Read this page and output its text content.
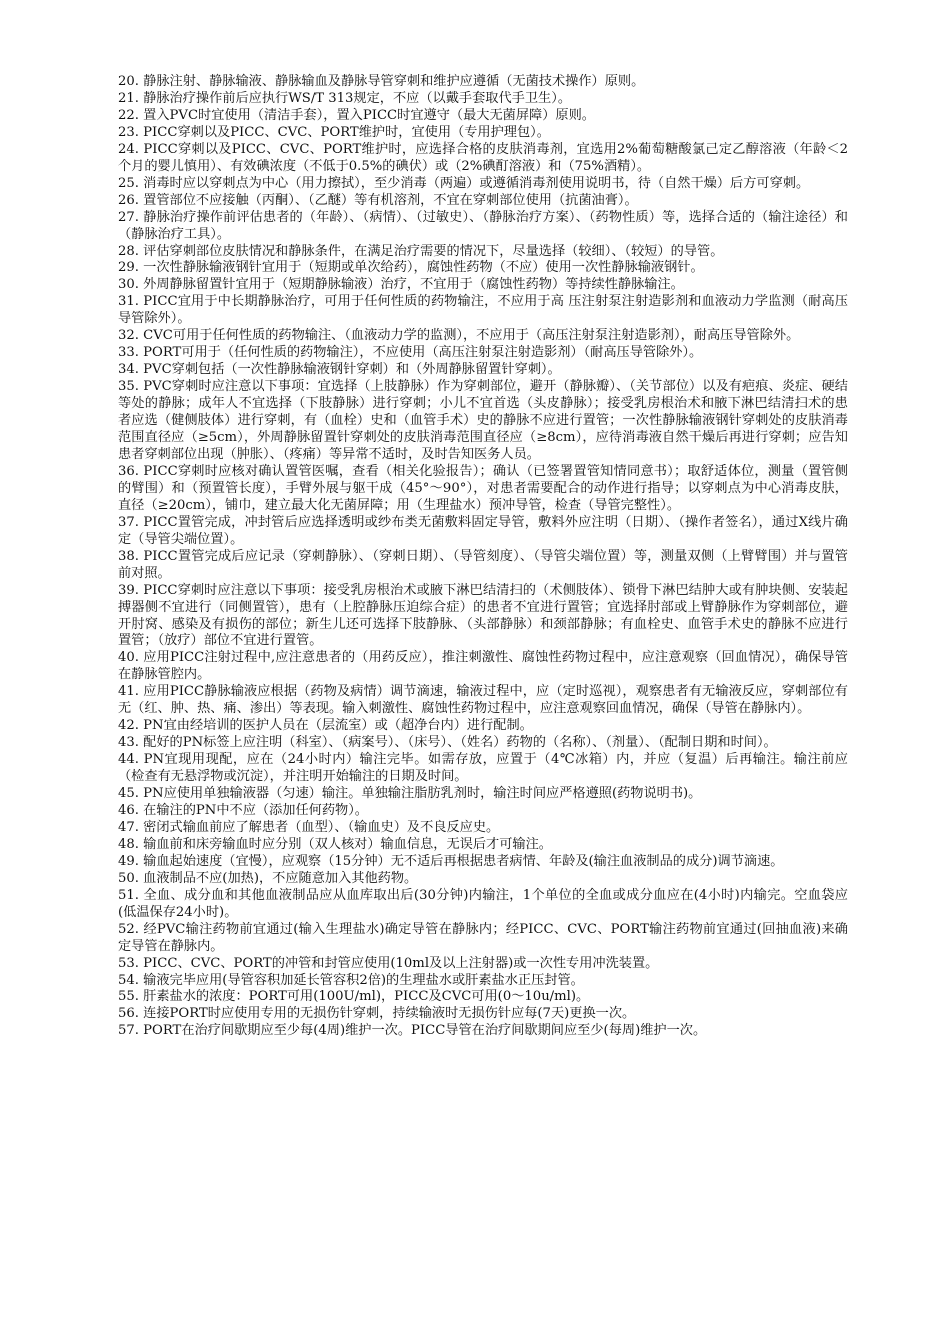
20. 静脉注射、静脉输液、静脉输血及静脉导管穿刺和维护应遵循（无菌技术操作）原则。

21. 静脉治疗操作前后应执行WS/T 313规定，不应（以戴手套取代手卫生）。

22. 置入PVC时宜使用（清洁手套），置入PICC时宜遵守（最大无菌屏障）原则。

23. PICC穿刺以及PICC、CVC、PORT维护时，宜使用（专用护理包）。

24. PICC穿刺以及PICC、CVC、PORT维护时，应选择合格的皮肤消毒剂，宜选用2%葡萄糖酸氯己定乙醇溶液（年龄＜2个月的婴儿慎用）、有效碘浓度（不低于0.5%的碘伏）或（2%碘酊溶液）和（75%酒精）。

25. 消毒时应以穿刺点为中心（用力擦拭），至少消毒（两遍）或遵循消毒剂使用说明书，待（自然干燥）后方可穿刺。

26. 置管部位不应接触（丙酮）、（乙醚）等有机溶剂，不宜在穿刺部位使用（抗菌油膏）。

27. 静脉治疗操作前评估患者的（年龄）、（病情）、（过敏史）、（静脉治疗方案）、（药物性质）等，选择合适的（输注途径）和（静脉治疗工具）。

28. 评估穿刺部位皮肤情况和静脉条件，在满足治疗需要的情况下，尽量选择（较细）、（较短）的导管。

29. 一次性静脉输液钢针宜用于（短期或单次给药），腐蚀性药物（不应）使用一次性静脉输液钢针。

30. 外周静脉留置针宜用于（短期静脉输液）治疗，不宜用于（腐蚀性药物）等持续性静脉输注。

31. PICC宜用于中长期静脉治疗，可用于任何性质的药物输注，不应用于高 压注射泵注射造影剂和血液动力学监测（耐高压导管除外）。

32. CVC可用于任何性质的药物输注、（血液动力学的监测），不应用于（高压注射泵注射造影剂），耐高压导管除外。

33. PORT可用于（任何性质的药物输注），不应使用（高压注射泵注射造影剂）（耐高压导管除外）。

34. PVC穿刺包括（一次性静脉输液钢针穿刺）和（外周静脉留置针穿刺）。

35. PVC穿刺时应注意以下事项：宜选择（上肢静脉）作为穿刺部位，避开（静脉瓣）、（关节部位）以及有疤痕、炎症、硬结等处的静脉；成年人不宜选择（下肢静脉）进行穿刺；小儿不宜首选（头皮静脉）；接受乳房根治术和腋下淋巴结清扫术的患者应选（健侧肢体）进行穿刺，有（血栓）史和（血管手术）史的静脉不应进行置管；一次性静脉输液钢针穿刺处的皮肤消毒范围直径应（≥5cm），外周静脉留置针穿刺处的皮肤消毒范围直径应（≥8cm），应待消毒液自然干燥后再进行穿刺；应告知患者穿刺部位出现（肿胀）、（疼痛）等异常不适时，及时告知医务人员。

36. PICC穿刺时应核对确认置管医嘱，查看（相关化验报告）；确认（已签署置管知情同意书）；取舒适体位，测量（置管侧的臂围）和（预置管长度），手臂外展与躯干成（45°～90°），对患者需要配合的动作进行指导；以穿刺点为中心消毒皮肤，直径（≥20cm），铺巾，建立最大化无菌屏障；用（生理盐水）预冲导管，检查（导管完整性）。

37. PICC置管完成，冲封管后应选择透明或纱布类无菌敷料固定导管，敷料外应注明（日期）、（操作者签名），通过X线片确定（导管尖端位置）。

38. PICC置管完成后应记录（穿刺静脉）、（穿刺日期）、（导管刻度）、（导管尖端位置）等，测量双侧（上臂臂围）并与置管前对照。

39. PICC穿刺时应注意以下事项：接受乳房根治术或腋下淋巴结清扫的（术侧肢体）、锁骨下淋巴结肿大或有肿块侧、安装起搏器侧不宜进行（同侧置管），患有（上腔静脉压迫综合症）的患者不宜进行置管；宜选择肘部或上臂静脉作为穿刺部位，避开肘窝、感染及有损伤的部位；新生儿还可选择下肢静脉、（头部静脉）和颈部静脉；有血栓史、血管手术史的静脉不应进行置管；（放疗）部位不宜进行置管。

40. 应用PICC注射过程中,应注意患者的（用药反应），推注刺激性、腐蚀性药物过程中，应注意观察（回血情况），确保导管在静脉管腔内。

41. 应用PICC静脉输液应根据（药物及病情）调节滴速，输液过程中，应（定时巡视），观察患者有无输液反应，穿刺部位有无（红、肿、热、痛、渗出）等表现。输入刺激性、腐蚀性药物过程中，应注意观察回血情况，确保（导管在静脉内）。

42. PN宜由经培训的医护人员在（层流室）或（超净台内）进行配制。

43. 配好的PN标签上应注明（科室）、（病案号）、（床号）、（姓名）药物的（名称）、（剂量）、（配制日期和时间）。

44. PN宜现用现配，应在（24小时内）输注完毕。如需存放，应置于（4℃冰箱）内，并应（复温）后再输注。输注前应（检查有无悬浮物或沉淀），并注明开始输注的日期及时间。

45. PN应使用单独输液器（匀速）输注。单独输注脂肪乳剂时，输注时间应严格遵照(药物说明书)。

46. 在输注的PN中不应（添加任何药物）。

47. 密闭式输血前应了解患者（血型）、（输血史）及不良反应史。

48. 输血前和床旁输血时应分别（双人核对）输血信息，无误后才可输注。

49. 输血起始速度（宜慢），应观察（15分钟）无不适后再根据患者病情、年龄及(输注血液制品的成分)调节滴速。

50. 血液制品不应(加热)，不应随意加入其他药物。

51. 全血、成分血和其他血液制品应从血库取出后(30分钟)内输注，1个单位的全血或成分血应在(4小时)内输完。空血袋应(低温保存24小时)。

52. 经PVC输注药物前宜通过(输入生理盐水)确定导管在静脉内；经PICC、CVC、PORT输注药物前宜通过(回抽血液)来确定导管在静脉内。

53. PICC、CVC、PORT的冲管和封管应使用(10ml及以上注射器)或一次性专用冲洗装置。

54. 输液完毕应用(导管容积加延长管容积2倍)的生理盐水或肝素盐水正压封管。

55. 肝素盐水的浓度：PORT可用(100U/ml)，PICC及CVC可用(0～10u/ml)。

56. 连接PORT时应使用专用的无损伤针穿刺，持续输液时无损伤针应每(7天)更换一次。

57. PORT在治疗间歇期应至少每(4周)维护一次。PICC导管在治疗间歇期间应至少(每周)维护一次。
